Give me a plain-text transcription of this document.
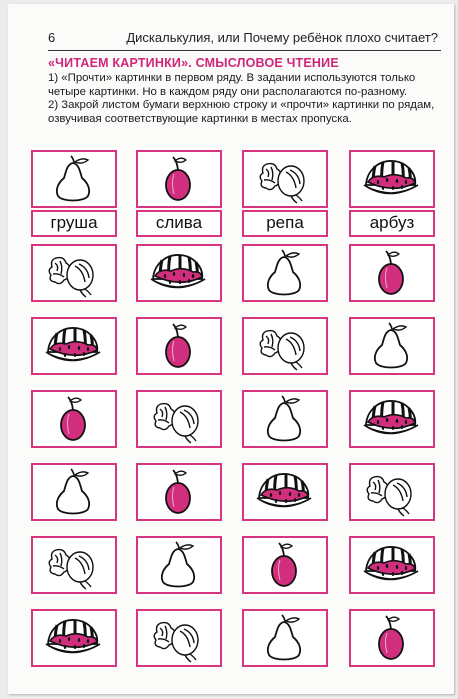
6	Дискалькулия, или Почему ребёнок плохо считает?
«ЧИТАЕМ КАРТИНКИ». СМЫСЛОВОЕ ЧТЕНИЕ

1) «Прочти» картинки в первом ряду. В задании используются только четыре картинки. Но в каждом ряду они располагаются по-разному.

2) Закрой листом бумаги верхнюю строку и «прочти» картинки по рядам, озвучивая соответствующие картинки в местах пропуска.

груша	слива	репа	арбуз
